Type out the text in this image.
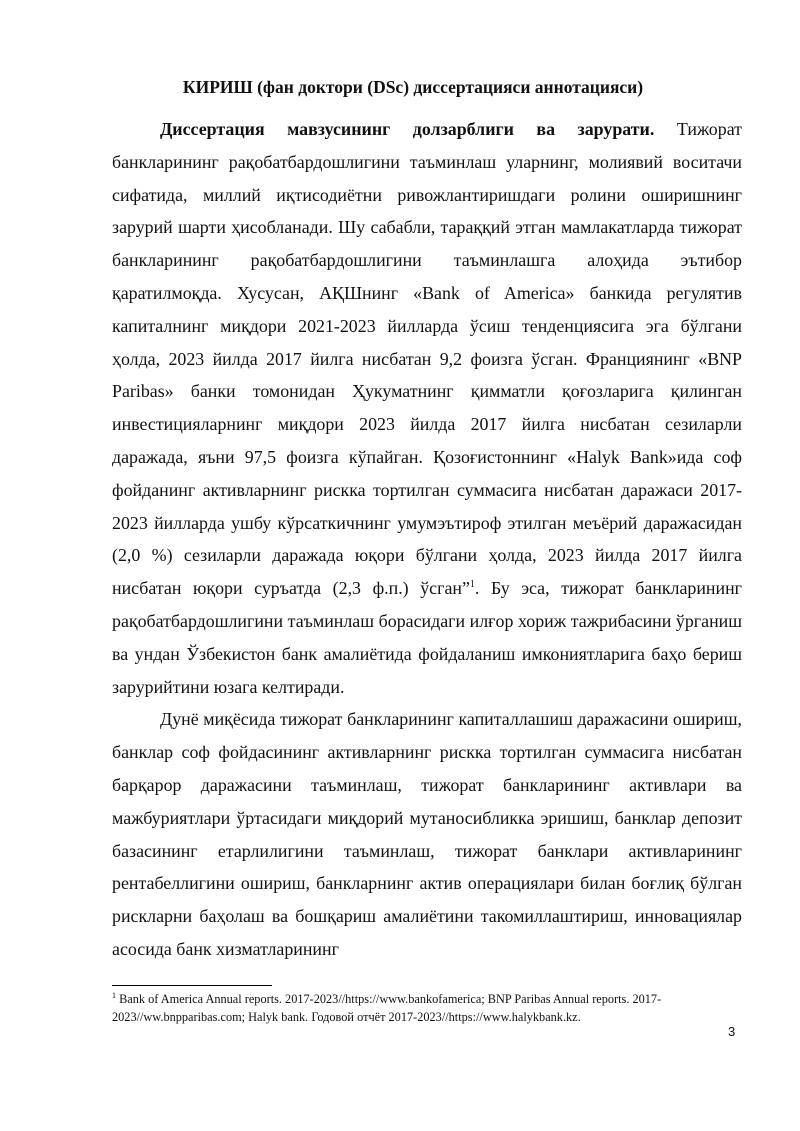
КИРИШ (фан доктори (DSc) диссертацияси аннотацияси)

Диссертация мавзусининг долзарблиги ва зарурати. Тижорат банкларининг рақобатбардошлигини таъминлаш уларнинг, молиявий воситачи сифатида, миллий иқтисодиётни ривожлантиришдаги ролини оширишнинг зарурий шарти ҳисобланади. Шу сабабли, тараққий этган мамлакатларда тижорат банкларининг рақобатбардошлигини таъминлашга алоҳида эътибор қаратилмоқда. Хусусан, АҚШнинг «Bank of America» банкида регулятив капиталнинг миқдори 2021-2023 йилларда ўсиш тенденциясига эга бўлгани ҳолда, 2023 йилда 2017 йилга нисбатан 9,2 фоизга ўсган. Франциянинг «BNP Paribas» банки томонидан Ҳукуматнинг қимматли қоғозларига қилинган инвестицияларнинг миқдори 2023 йилда 2017 йилга нисбатан сезиларли даражада, яъни 97,5 фоизга кўпайган. Қозоғистоннинг «Halyk Bank»ида соф фойданинг активларнинг рискка тортилган суммасига нисбатан даражаси 2017-2023 йилларда ушбу кўрсаткичнинг умумэътироф этилган меъёрий даражасидан (2,0 %) сезиларли даражада юқори бўлгани ҳолда, 2023 йилда 2017 йилга нисбатан юқори суръатда (2,3 ф.п.) ўсган”$^1$. Бу эса, тижорат банкларининг рақобатбардошлигини таъминлаш борасидаги илғор хориж тажрибасини ўрганиш ва ундан Ўзбекистон банк амалиётида фойдаланиш имкониятларига баҳо бериш зарурийтини юзага келтиради.

Дунё миқёсида тижорат банкларининг капиталлашиш даражасини ошириш, банклар соф фойдасининг активларнинг рискка тортилган суммасига нисбатан барқарор даражасини таъминлаш, тижорат банкларининг активлари ва мажбуриятлари ўртасидаги миқдорий мутаносибликка эришиш, банклар депозит базасининг етарлилигини таъминлаш, тижорат банклари активларининг рентабеллигини ошириш, банкларнинг актив операциялари билан боғлиқ бўлган рискларни баҳолаш ва бошқариш амалиётини такомиллаштириш, инновациялар асосида банк хизматларининг

$^1$ Bank of America Annual reports. 2017-2023//https://www.bankofamerica; BNP Paribas Annual reports. 2017-2023//ww.bnpparibas.com; Halyk bank. Годовой отчёт 2017-2023//https://www.halykbank.kz.
3
